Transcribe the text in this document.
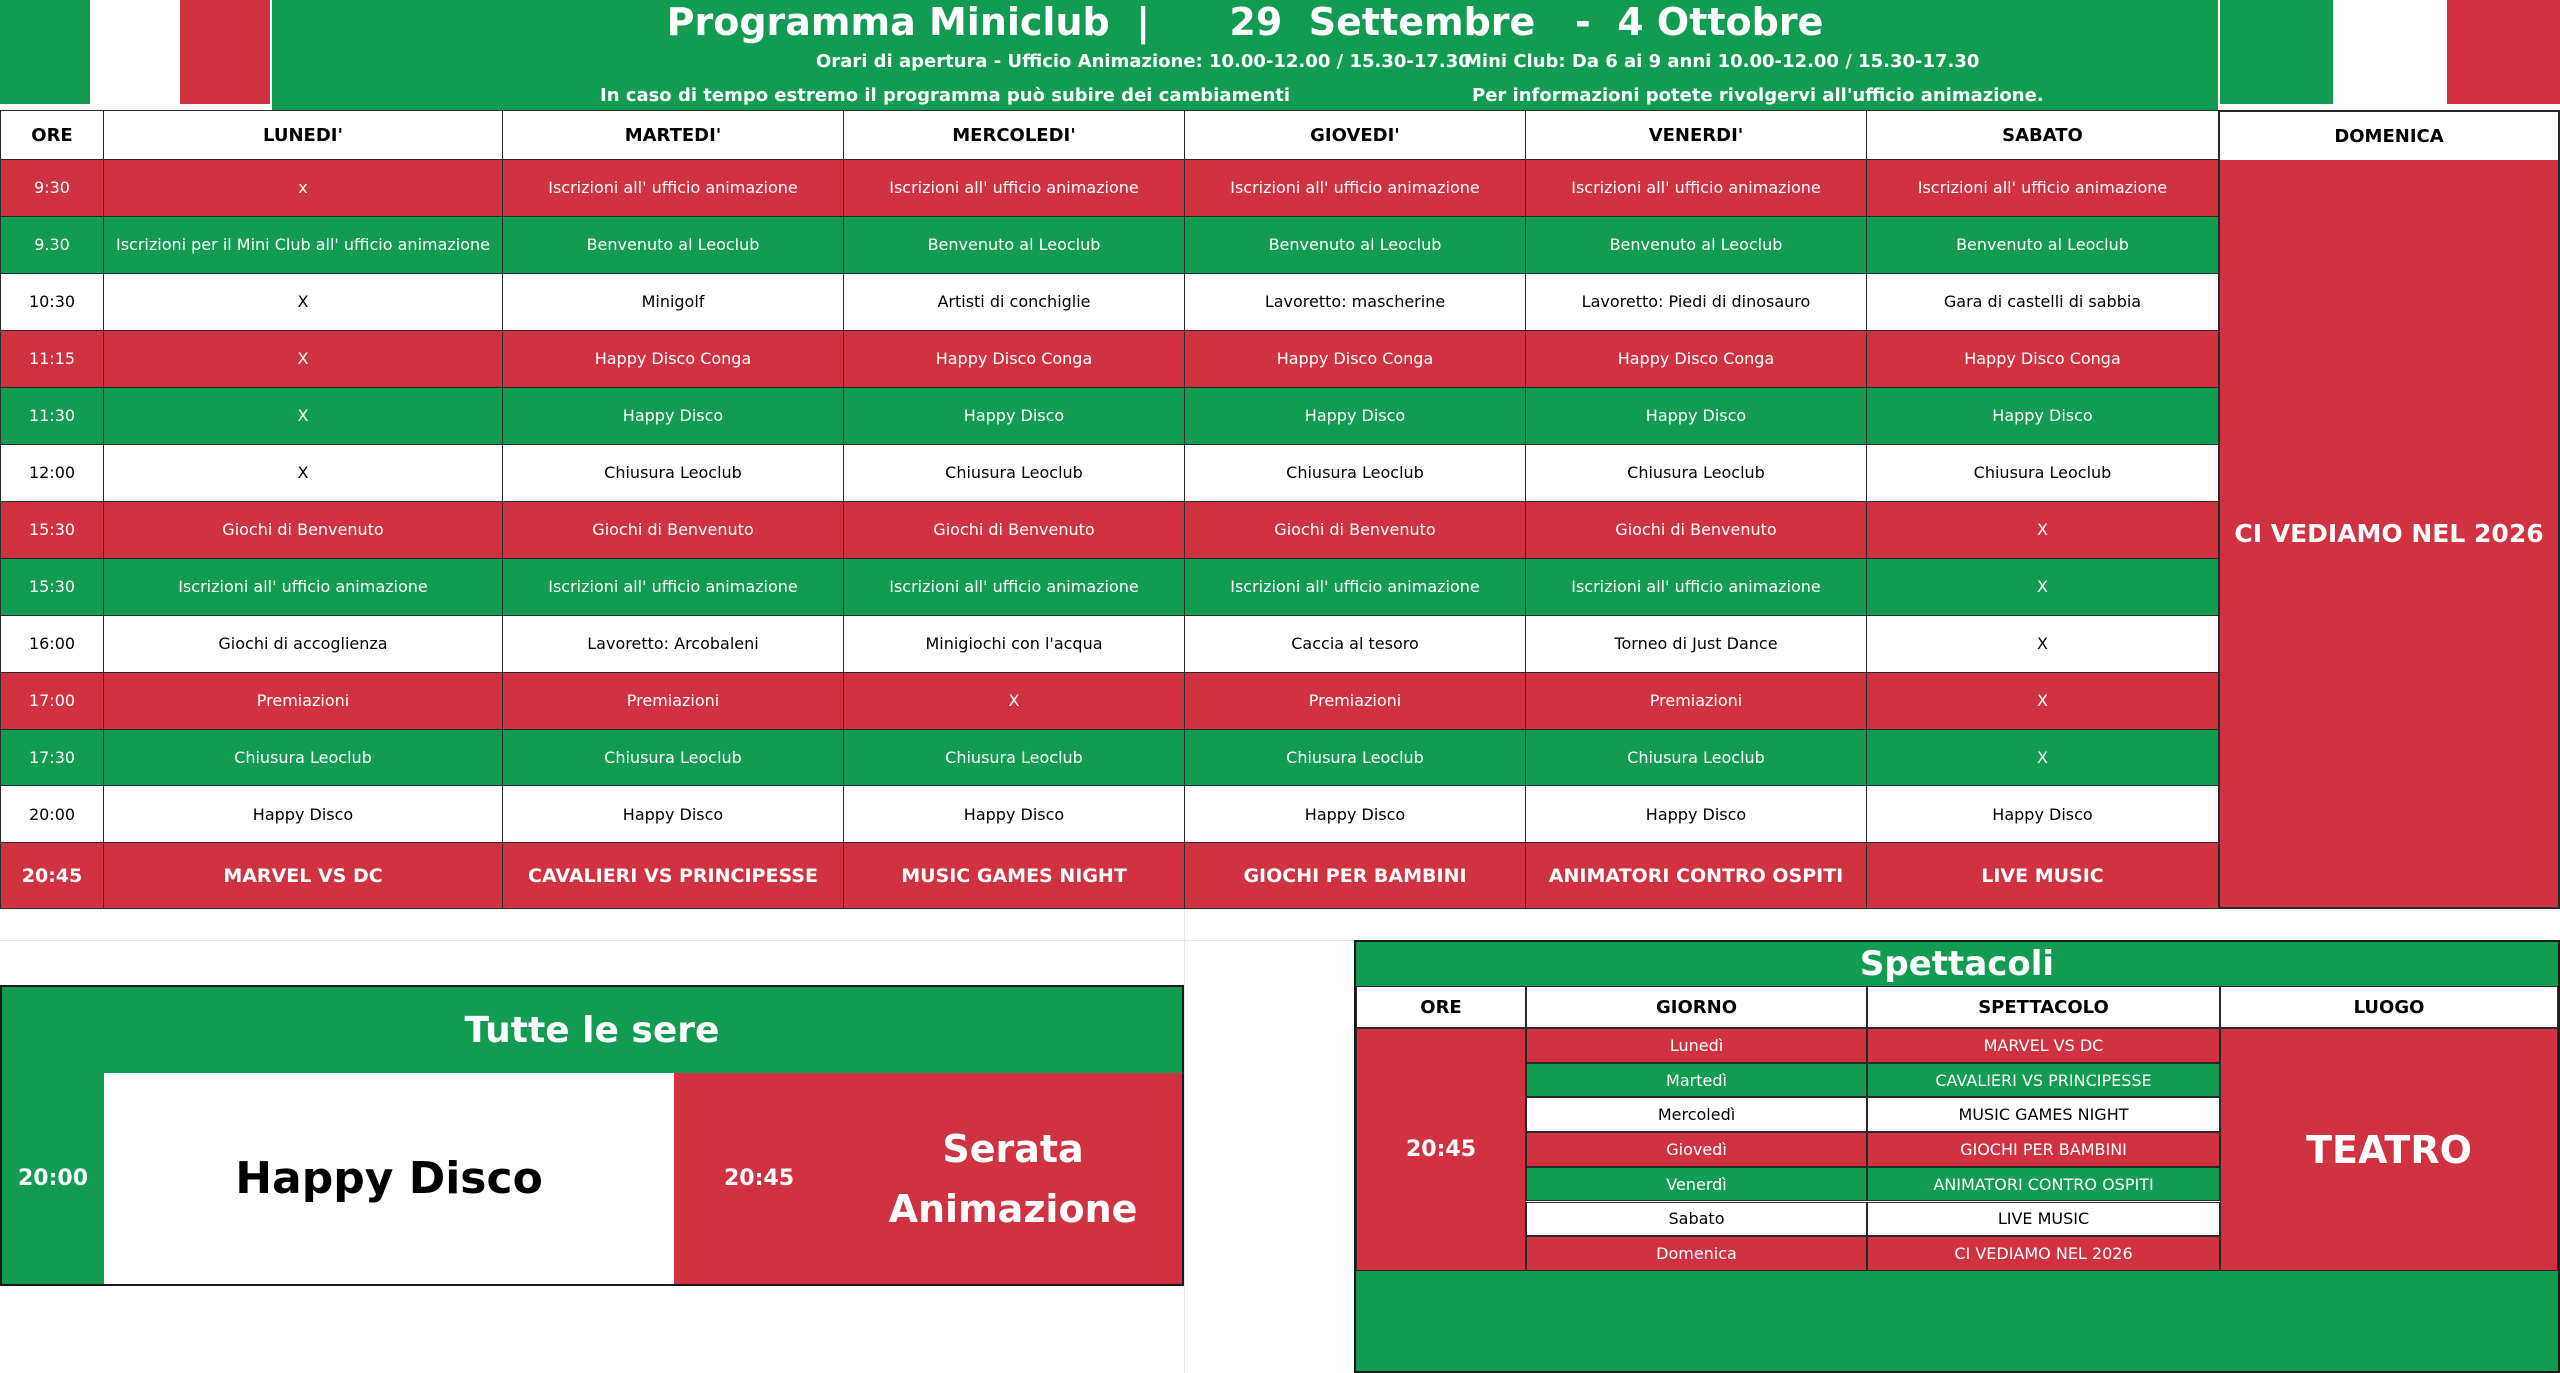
Programma Miniclub  |      29  Settembre   -  4 Ottobre
Orari di apertura - Ufficio Animazione: 10.00-12.00 / 15.30-17.30
Mini Club: Da 6 ai 9 anni 10.00-12.00 / 15.30-17.30
In caso di tempo estremo il programma può subire dei cambiamenti	Per informazioni potete rivolgervi all'ufficio animazione.
ORE	LUNEDI'	MARTEDI'	MERCOLEDI'	GIOVEDI'	VENERDI'	SABATO
9:30	x	Iscrizioni all' ufficio animazione	Iscrizioni all' ufficio animazione	Iscrizioni all' ufficio animazione	Iscrizioni all' ufficio animazione	Iscrizioni all' ufficio animazione
9.30	Iscrizioni per il Mini Club all' ufficio animazione	Benvenuto al Leoclub	Benvenuto al Leoclub	Benvenuto al Leoclub	Benvenuto al Leoclub	Benvenuto al Leoclub
10:30	X	Minigolf	Artisti di conchiglie	Lavoretto: mascherine	Lavoretto: Piedi di dinosauro	Gara di castelli di sabbia
11:15	X	Happy Disco Conga	Happy Disco Conga	Happy Disco Conga	Happy Disco Conga	Happy Disco Conga
11:30	X	Happy Disco	Happy Disco	Happy Disco	Happy Disco	Happy Disco
12:00	X	Chiusura Leoclub	Chiusura Leoclub	Chiusura Leoclub	Chiusura Leoclub	Chiusura Leoclub
15:30	Giochi di Benvenuto	Giochi di Benvenuto	Giochi di Benvenuto	Giochi di Benvenuto	Giochi di Benvenuto	X
15:30	Iscrizioni all' ufficio animazione	Iscrizioni all' ufficio animazione	Iscrizioni all' ufficio animazione	Iscrizioni all' ufficio animazione	Iscrizioni all' ufficio animazione	X
16:00	Giochi di accoglienza	Lavoretto: Arcobaleni	Minigiochi con l'acqua	Caccia al tesoro	Torneo di Just Dance	X
17:00	Premiazioni	Premiazioni	X	Premiazioni	Premiazioni	X
17:30	Chiusura Leoclub	Chiusura Leoclub	Chiusura Leoclub	Chiusura Leoclub	Chiusura Leoclub	X
20:00	Happy Disco	Happy Disco	Happy Disco	Happy Disco	Happy Disco	Happy Disco
20:45	MARVEL VS DC	CAVALIERI VS PRINCIPESSE	MUSIC GAMES NIGHT	GIOCHI PER BAMBINI	ANIMATORI CONTRO OSPITI	LIVE MUSIC
DOMENICA
CI VEDIAMO NEL 2026
Tutte le sere
20:00	Happy Disco	20:45
Serata
Animazione
Spettacoli
ORE	GIORNO	SPETTACOLO	LUOGO
20:45
Lunedì	MARVEL VS DC
Martedì	CAVALIERI VS PRINCIPESSE
Mercoledì	MUSIC GAMES NIGHT
Giovedì	GIOCHI PER BAMBINI
Venerdì	ANIMATORI CONTRO OSPITI
Sabato	LIVE MUSIC
Domenica	CI VEDIAMO NEL 2026
TEATRO
